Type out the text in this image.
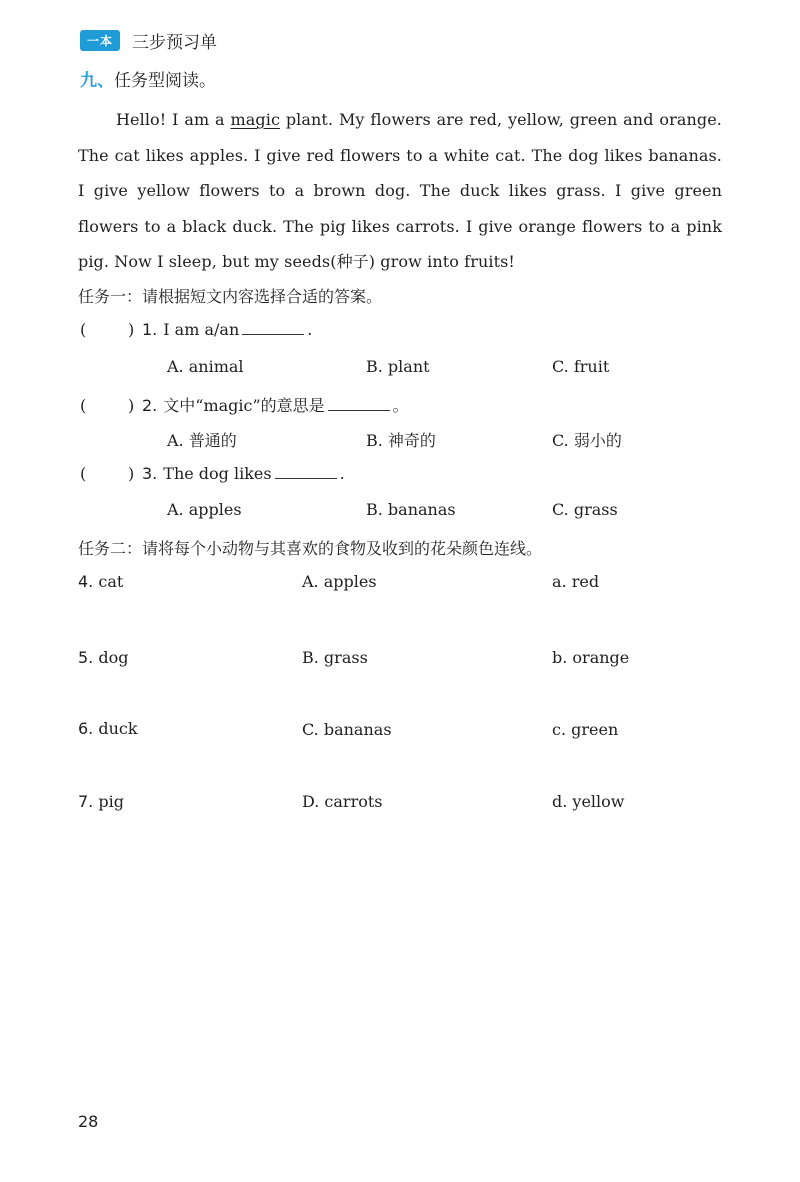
一本	三步预习单
九、任务型阅读。
Hello! I am a magic plant. My flowers are red, yellow, green and orange. The cat likes apples. I give red flowers to a white cat. The dog likes bananas. I give yellow flowers to a brown dog. The duck likes grass. I give green flowers to a black duck. The pig likes carrots. I give orange flowers to a pink pig. Now I sleep, but my seeds(种子) grow into fruits!
任务一：请根据短文内容选择合适的答案。
(	) 1. I am a/an	.
A. animal	B. plant	C. fruit
(	) 2. 文中“magic”的意思是	。
A. 普通的	B. 神奇的	C. 弱小的
(	) 3. The dog likes	.
A. apples	B. bananas	C. grass
任务二：请将每个小动物与其喜欢的食物及收到的花朵颜色连线。
4. cat	A. apples	a. red
5. dog	B. grass	b. orange
6. duck	C. bananas	c. green
7. pig	D. carrots	d. yellow
28
